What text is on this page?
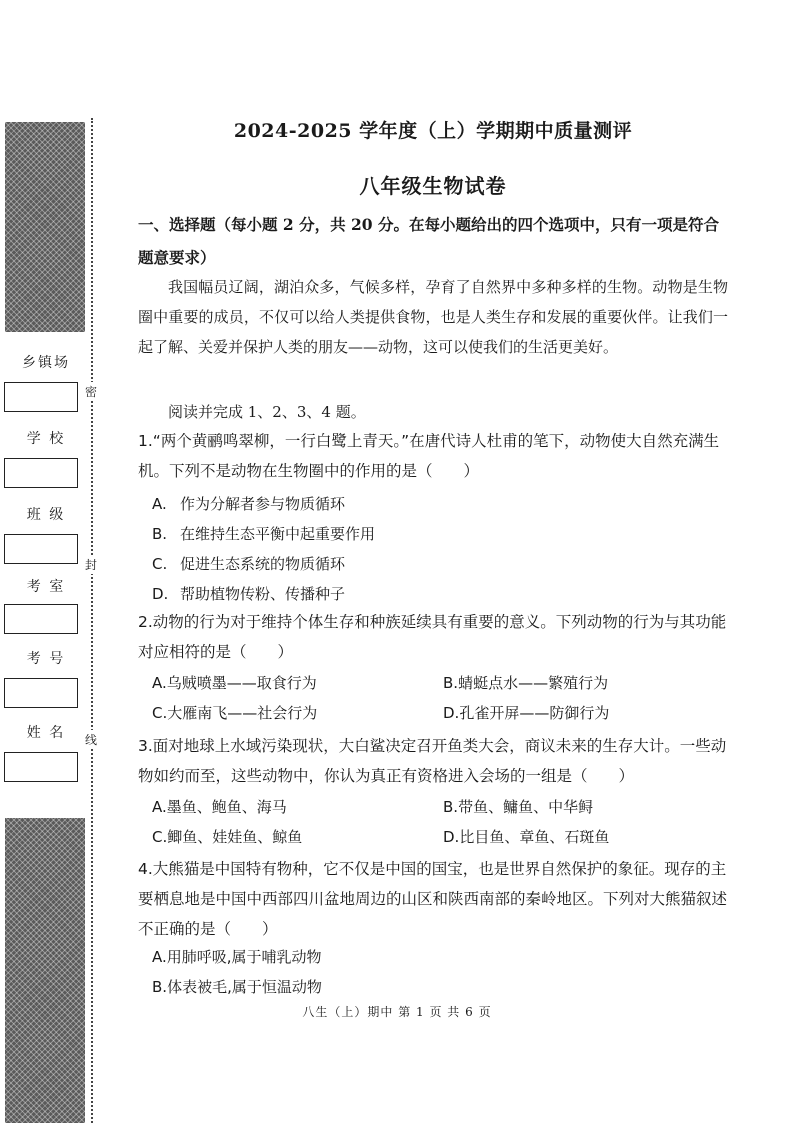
乡镇场
学 校
班 级
考 室
考 号
姓 名
密
封
线
2024-2025 学年度（上）学期期中质量测评
八年级生物试卷
一、选择题（每小题 2 分，共 20 分。在每小题给出的四个选项中，只有一项是符合题意要求）
我国幅员辽阔，湖泊众多，气候多样，孕育了自然界中多种多样的生物。动物是生物圈中重要的成员，不仅可以给人类提供食物，也是人类生存和发展的重要伙伴。让我们一起了解、关爱并保护人类的朋友——动物，这可以使我们的生活更美好。
阅读并完成 1、2、3、4 题。
1.“两个黄鹂鸣翠柳，一行白鹭上青天。”在唐代诗人杜甫的笔下，动物使大自然充满生机。下列不是动物在生物圈中的作用的是（　　）
A. 作为分解者参与物质循环
B. 在维持生态平衡中起重要作用
C. 促进生态系统的物质循环
D. 帮助植物传粉、传播种子
2.动物的行为对于维持个体生存和种族延续具有重要的意义。下列动物的行为与其功能对应相符的是（　　）
A.乌贼喷墨——取食行为	B.蜻蜓点水——繁殖行为
C.大雁南飞——社会行为	D.孔雀开屏——防御行为
3.面对地球上水域污染现状，大白鲨决定召开鱼类大会，商议未来的生存大计。一些动物如约而至，这些动物中，你认为真正有资格进入会场的一组是（　　）
A.墨鱼、鲍鱼、海马	B.带鱼、鳙鱼、中华鲟
C.鲫鱼、娃娃鱼、鲸鱼	D.比目鱼、章鱼、石斑鱼
4.大熊猫是中国特有物种，它不仅是中国的国宝，也是世界自然保护的象征。现存的主要栖息地是中国中西部四川盆地周边的山区和陕西南部的秦岭地区。下列对大熊猫叙述不正确的是（　　）
A.用肺呼吸,属于哺乳动物
B.体表被毛,属于恒温动物
八生（上）期中 第 1 页 共 6 页
